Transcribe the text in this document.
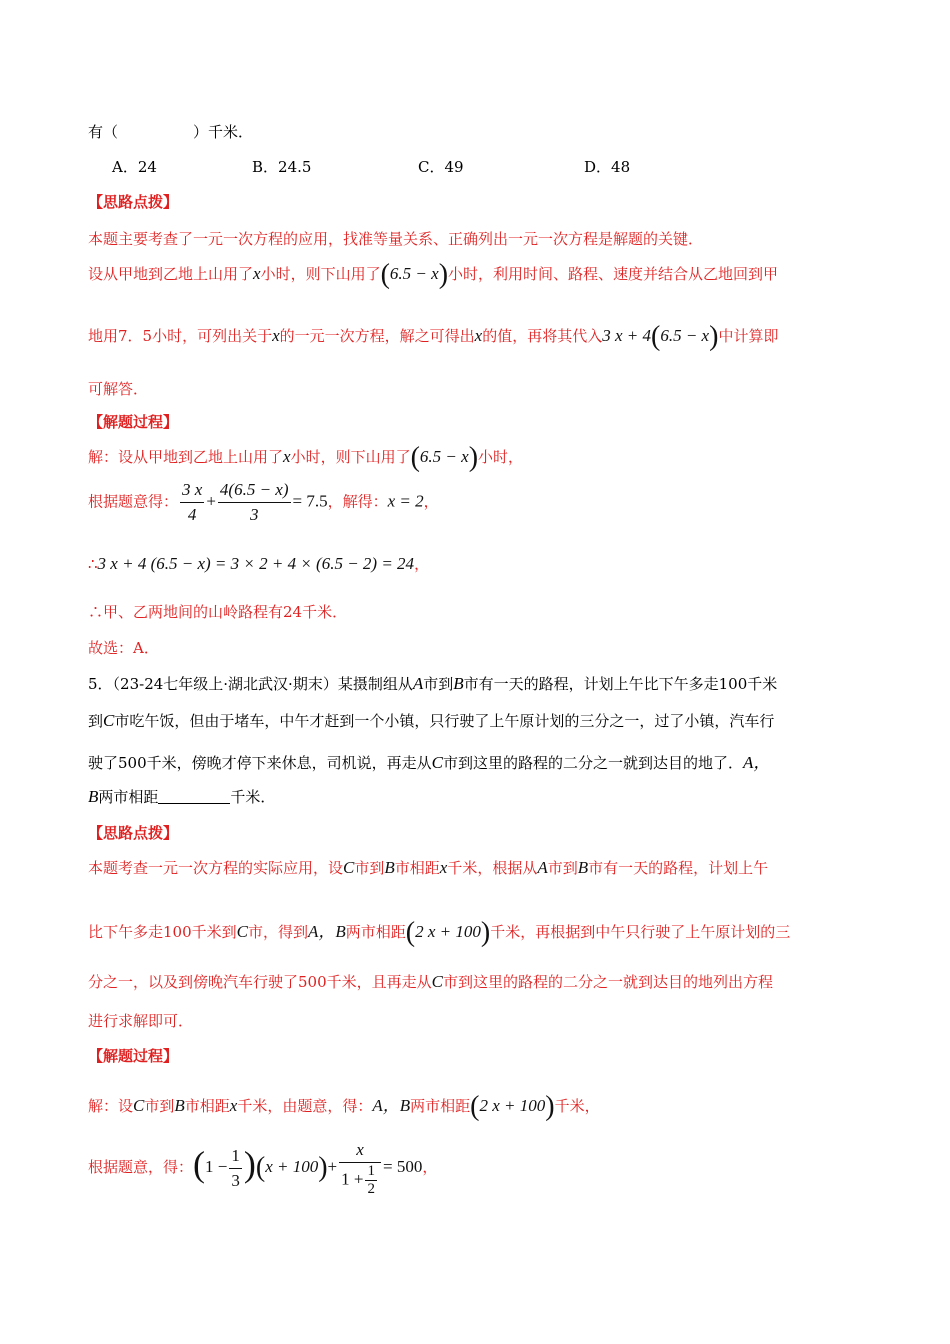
有（　　　　　）千米．
A．24	B．24.5	C．49	D．48
【思路点拨】
本题主要考查了一元一次方程的应用，找准等量关系、正确列出一元一次方程是解题的关键．
设从甲地到乙地上山用了x小时，则下山用了(6.5 − x)小时，利用时间、路程、速度并结合从乙地回到甲
地用7．5小时，可列出关于x的一元一次方程，解之可得出x的值，再将其代入3 x + 4(6.5 − x)中计算即
可解答．
【解题过程】
解：设从甲地到乙地上山用了x小时，则下山用了(6.5 − x)小时，
根据题意得： $\frac{3 x}{4} + \frac{4(6.5 - x)}{3} = 7.5$，解得：x = 2，
∴3 x + 4 (6.5 − x) = 3 × 2 + 4 × (6.5 − 2) = 24，
∴甲、乙两地间的山岭路程有24千米．
故选：A．
5．（23-24七年级上·湖北武汉·期末）某摄制组从A市到B市有一天的路程，计划上午比下午多走100千米
到C市吃午饭，但由于堵车，中午才赶到一个小镇，只行驶了上午原计划的三分之一，过了小镇，汽车行
驶了500千米，傍晚才停下来休息，司机说，再走从C市到这里的路程的二分之一就到达目的地了．A，
B两市相距	千米．
【思路点拨】
本题考查一元一次方程的实际应用，设C市到B市相距x千米，根据从A市到B市有一天的路程，计划上午
比下午多走100千米到C市，得到A，B两市相距(2 x + 100)千米，再根据到中午只行驶了上午原计划的三
分之一，以及到傍晚汽车行驶了500千米，且再走从C市到这里的路程的二分之一就到达目的地列出方程
进行求解即可．
【解题过程】
解：设C市到B市相距x千米，由题意，得：A，B两市相距(2 x + 100)千米，
根据题意，得：$(1 - \frac{1}{3} )(x + 100)+ \frac{x}{1 + \frac{1}{2}} = 500$，
